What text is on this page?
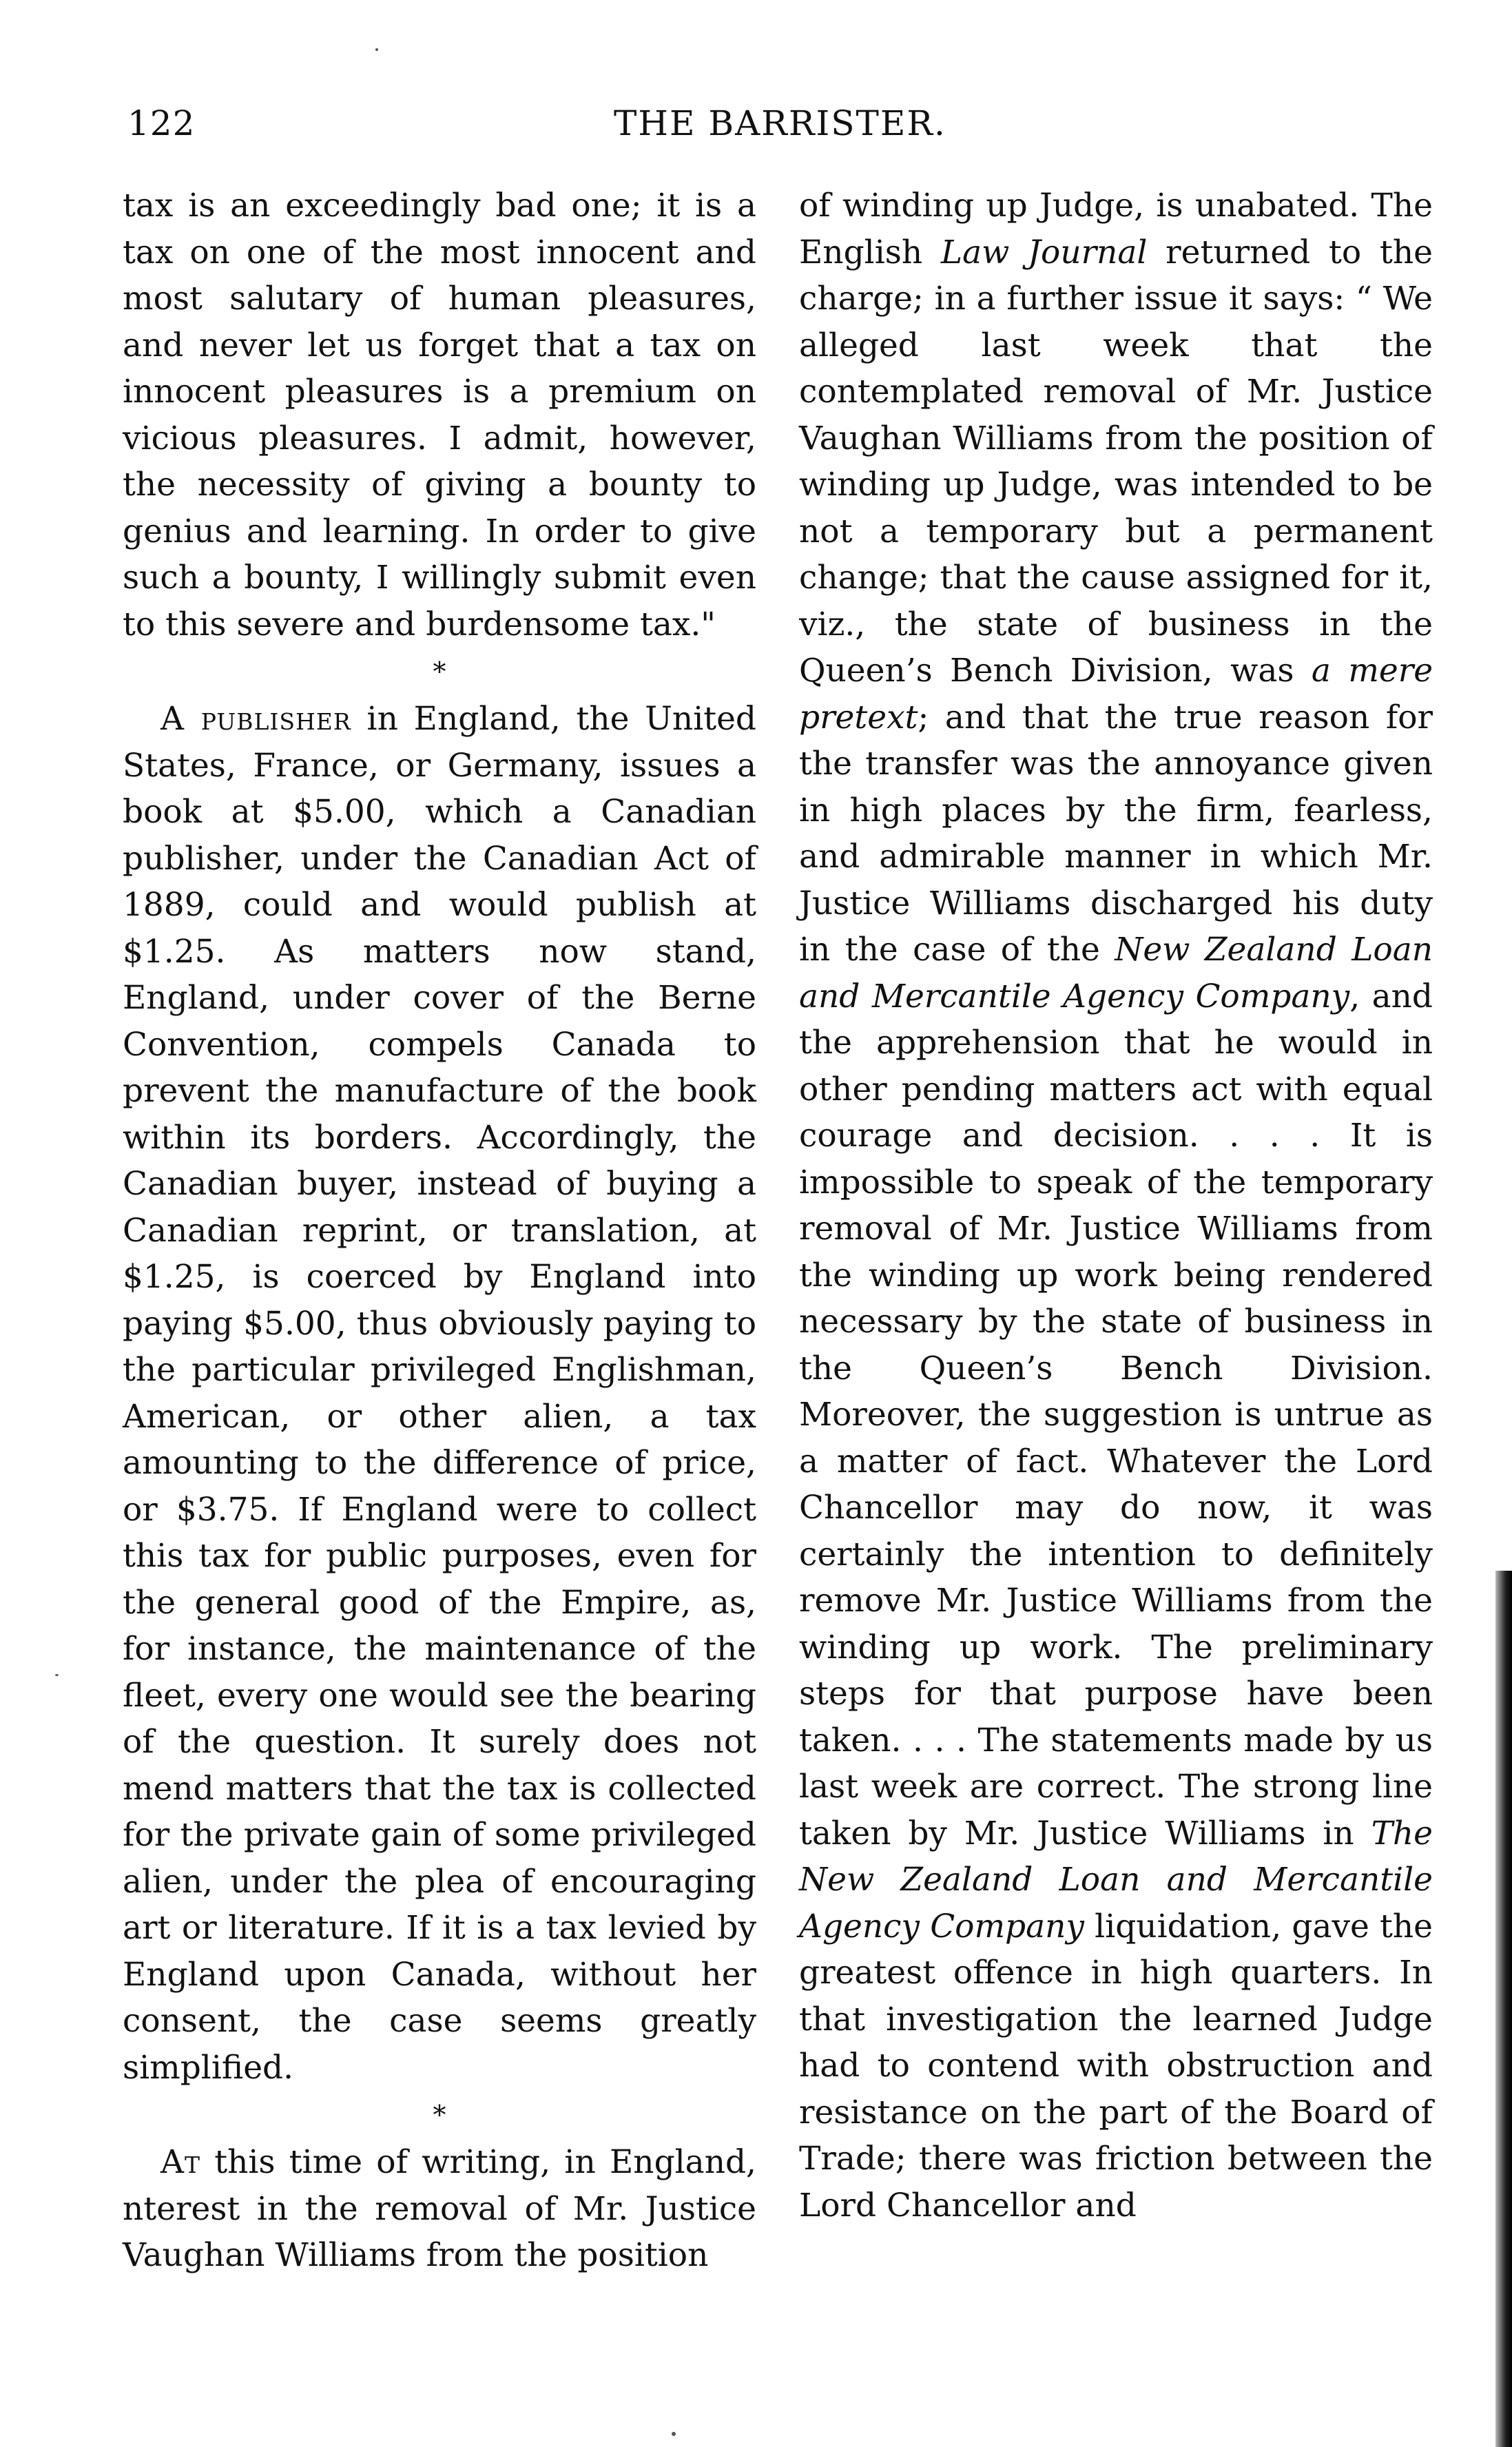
122	THE BARRISTER.

tax is an exceedingly bad one; it is a tax on one of the most innocent and most salutary of human pleasures, and never let us forget that a tax on innocent pleasures is a premium on vicious pleasures. I admit, however, the necessity of giving a bounty to genius and learning. In order to give such a bounty, I willingly submit even to this severe and burdensome tax."

*

A publisher in England, the United States, France, or Germany, issues a book at $5.00, which a Canadian publisher, under the Canadian Act of 1889, could and would publish at $1.25. As matters now stand, England, under cover of the Berne Convention, compels Canada to prevent the manufacture of the book within its borders. Accordingly, the Canadian buyer, instead of buying a Canadian reprint, or translation, at $1.25, is coerced by England into paying $5.00, thus obviously paying to the particular privileged Englishman, American, or other alien, a tax amounting to the difference of price, or $3.75. If England were to collect this tax for public purposes, even for the general good of the Empire, as, for instance, the maintenance of the fleet, every one would see the bearing of the question. It surely does not mend matters that the tax is collected for the private gain of some privileged alien, under the plea of encouraging art or literature. If it is a tax levied by England upon Canada, without her consent, the case seems greatly simplified.

*

At this time of writing, in England, nterest in the removal of Mr. Justice Vaughan Williams from the position

of winding up Judge, is unabated. The English Law Journal returned to the charge; in a further issue it says: “ We alleged last week that the contemplated removal of Mr. Justice Vaughan Williams from the position of winding up Judge, was intended to be not a temporary but a permanent change; that the cause assigned for it, viz., the state of business in the Queen’s Bench Division, was a mere pretext; and that the true reason for the transfer was the annoyance given in high places by the firm, fearless, and admirable manner in which Mr. Justice Williams discharged his duty in the case of the New Zealand Loan and Mercantile Agency Company, and the apprehension that he would in other pending matters act with equal courage and decision. . . . It is impossible to speak of the temporary removal of Mr. Justice Williams from the winding up work being rendered necessary by the state of business in the Queen’s Bench Division. Moreover, the suggestion is untrue as a matter of fact. Whatever the Lord Chancellor may do now, it was certainly the intention to definitely remove Mr. Justice Williams from the winding up work. The preliminary steps for that purpose have been taken. . . . The statements made by us last week are correct. The strong line taken by Mr. Justice Williams in The New Zealand Loan and Mercantile Agency Company liquidation, gave the greatest offence in high quarters. In that investigation the learned Judge had to contend with obstruction and resistance on the part of the Board of Trade; there was friction between the Lord Chancellor and
